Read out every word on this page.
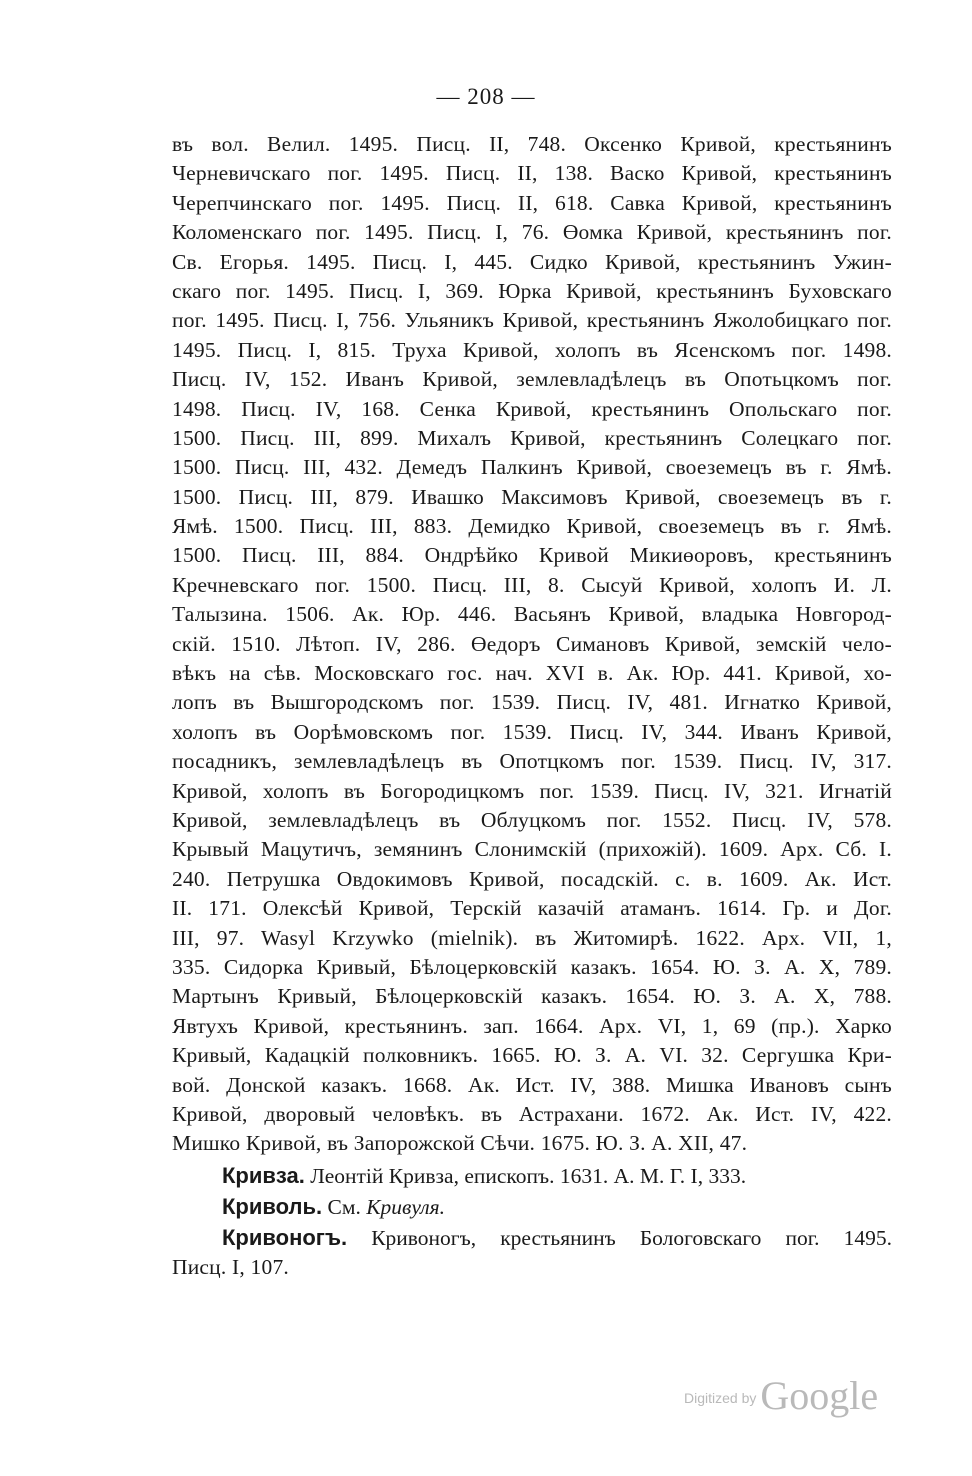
— 208 —
въ вол. Велил. 1495. Писц. II, 748. Оксенко Кривой, крестьянинъ
Черневичскаго пог. 1495. Писц. II, 138. Васко Кривой, крестьянинъ
Черепчинскаго пог. 1495. Писц. II, 618. Савка Кривой, крестьянинъ
Коломенскаго пог. 1495. Писц. I, 76. Өомка Кривой, крестьянинъ пог.
Св. Егорья. 1495. Писц. I, 445. Сидко Кривой, крестьянинъ Ужин-
скаго пог. 1495. Писц. I, 369. Юрка Кривой, крестьянинъ Буховскаго
пог. 1495. Писц. I, 756. Ульяникъ Кривой, крестьянинъ Яжолобицкаго пог.
1495. Писц. I, 815. Труха Кривой, холопъ въ Ясенскомъ пог. 1498.
Писц. IV, 152. Иванъ Кривой, землевладѣлецъ въ Опотьцкомъ пог.
1498. Писц. IV, 168. Сенка Кривой, крестьянинъ Опольскаго пог.
1500. Писц. III, 899. Михалъ Кривой, крестьянинъ Солецкаго пог.
1500. Писц. III, 432. Демедъ Палкинъ Кривой, своеземецъ въ г. Ямѣ.
1500. Писц. III, 879. Ивашко Максимовъ Кривой, своеземецъ въ г.
Ямѣ. 1500. Писц. III, 883. Демидко Кривой, своеземецъ въ г. Ямѣ.
1500. Писц. III, 884. Ондрѣйко Кривой Микиөоровъ, крестьянинъ
Кречневскаго пог. 1500. Писц. III, 8. Сысуй Кривой, холопъ И. Л.
Талызина. 1506. Ак. Юр. 446. Васьянъ Кривой, владыка Новгород-
скій. 1510. Лѣтоп. IV, 286. Өедоръ Симановъ Кривой, земскій чело-
вѣкъ на сѣв. Московскаго гос. нач. XVI в. Ак. Юр. 441. Кривой, хо-
лопъ въ Вышгородскомъ пог. 1539. Писц. IV, 481. Игнатко Кривой,
холопъ въ Оорѣмовскомъ пог. 1539. Писц. IV, 344. Иванъ Кривой,
посадникъ, землевладѣлецъ въ Опотцкомъ пог. 1539. Писц. IV, 317.
Кривой, холопъ въ Богородицкомъ пог. 1539. Писц. IV, 321. Игнатій
Кривой, землевладѣлецъ въ Облуцкомъ пог. 1552. Писц. IV, 578.
Крывый Мацутичъ, земянинъ Слонимскій (прихожій). 1609. Арх. Сб. I.
240. Петрушка Овдокимовъ Кривой, посадскій. с. в. 1609. Ак. Ист.
II. 171. Олексѣй Кривой, Терскій казачій атаманъ. 1614. Гр. и Дог.
III, 97. Wasyl Krzywko (mielnik). въ Житомирѣ. 1622. Арх. VII, 1,
335. Сидорка Кривый, Бѣлоцерковскій казакъ. 1654. Ю. З. А. X, 789.
Мартынъ Кривый, Бѣлоцерковскій казакъ. 1654. Ю. З. А. X, 788.
Явтухъ Кривой, крестьянинъ. зап. 1664. Арх. VI, 1, 69 (пр.). Харко
Кривый, Кадацкій полковникъ. 1665. Ю. З. А. VI. 32. Сергушка Кри-
вой. Донской казакъ. 1668. Ак. Ист. IV, 388. Мишка Ивановъ сынъ
Кривой, дворовый человѣкъ. въ Астрахани. 1672. Ак. Ист. IV, 422.
Мишко Кривой, въ Запорожской Сѣчи. 1675. Ю. З. А. XII, 47.
Кривза. Леонтій Кривза, епископъ. 1631. А. М. Г. I, 333.
Криволь. См. Кривуля.
Кривоногъ. Кривоногъ, крестьянинъ Бологовскаго пог. 1495.
Писц. I, 107.
Digitized by Google
